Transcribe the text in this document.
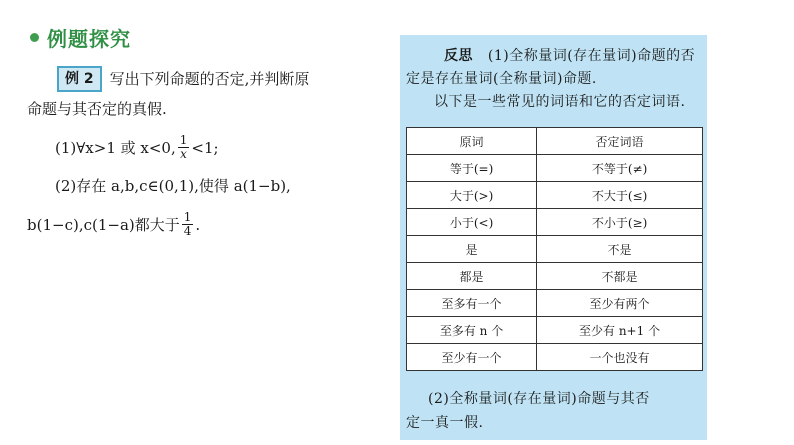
例题探究
例 2	写出下列命题的否定,并判断原
命题与其否定的真假.
(1)∀x>1 或 x<0, $\frac{1}{x} <1$;
(2)存在 a,b,c∈(0,1),使得 a(1−b),
b(1−c),c(1−a)都大于 $\frac{1}{4}$ .
反思 (1)全称量词(存在量词)命题的否定是存在量词(全称量词)命题.
以下是一些常见的词语和它的否定词语.
原词	否定词语
等于(=)	不等于(≠)
大于(>)	不大于(≤)
小于(<)	不小于(≥)
是	不是
都是	不都是
至多有一个	至少有两个
至多有 n 个	至少有 n+1 个
至少有一个	一个也没有
(2)全称量词(存在量词)命题与其否
定一真一假.
